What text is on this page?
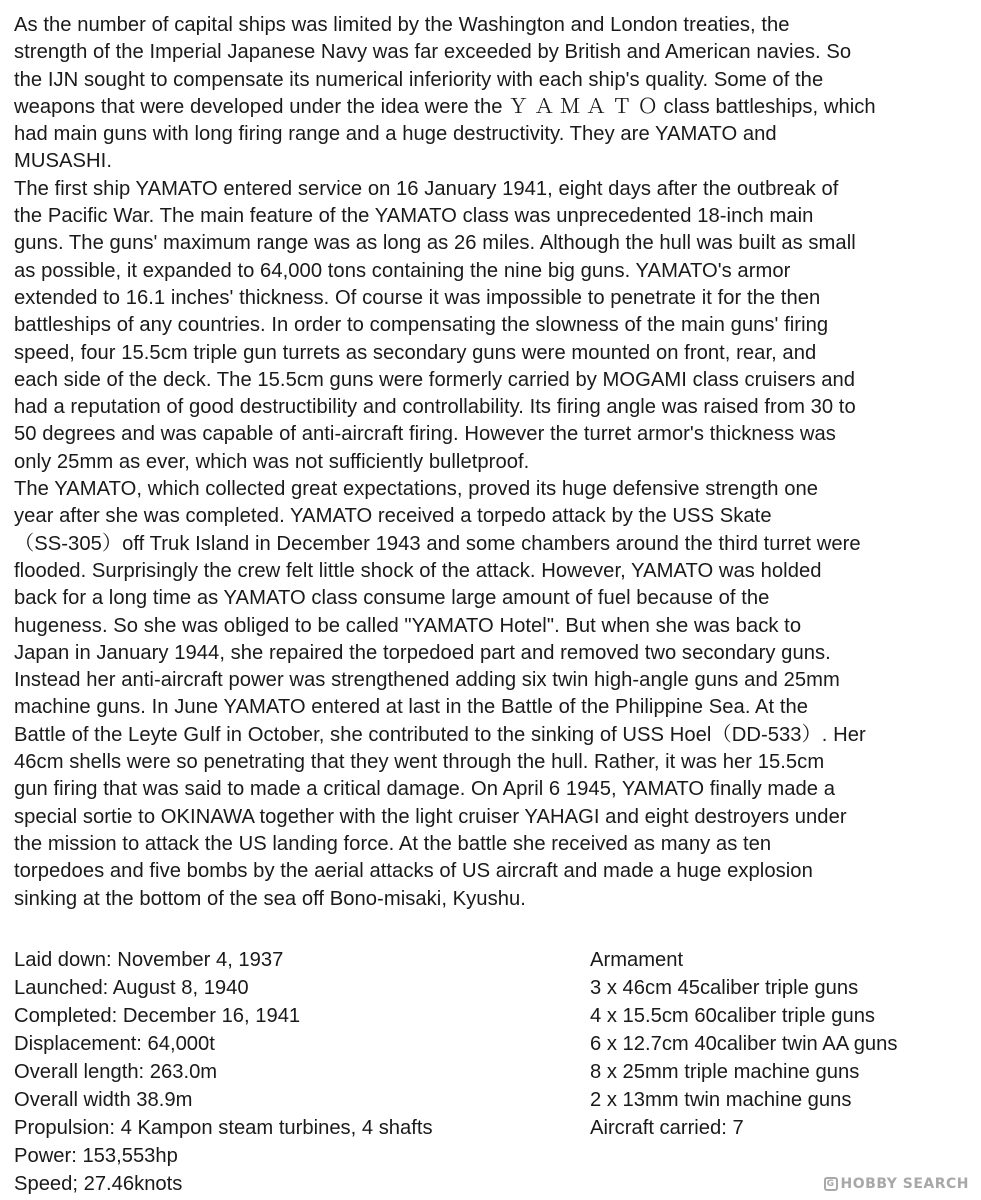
As the number of capital ships was limited by the Washington and London treaties, the
strength of the Imperial Japanese Navy was far exceeded by British and American navies. So
the IJN sought to compensate its numerical inferiority with each ship's quality. Some of the
weapons that were developed under the idea were the Ｙ Ａ Ｍ Ａ Ｔ Ｏ class battleships, which
had main guns with long firing range and a huge destructivity. They are YAMATO and
MUSASHI.
The first ship YAMATO entered service on 16 January 1941, eight days after the outbreak of
the Pacific War. The main feature of the YAMATO class was unprecedented 18-inch main
guns. The guns' maximum range was as long as 26 miles. Although the hull was built as small
as possible, it expanded to 64,000 tons containing the nine big guns. YAMATO's armor
extended to 16.1 inches' thickness. Of course it was impossible to penetrate it for the then
battleships of any countries. In order to compensating the slowness of the main guns' firing
speed, four 15.5cm triple gun turrets as secondary guns were mounted on front, rear, and
each side of the deck. The 15.5cm guns were formerly carried by MOGAMI class cruisers and
had a reputation of good destructibility and controllability. Its firing angle was raised from 30 to
50 degrees and was capable of anti-aircraft firing. However the turret armor's thickness was
only 25mm as ever, which was not sufficiently bulletproof.
The YAMATO, which collected great expectations, proved its huge defensive strength one
year after she was completed. YAMATO received a torpedo attack by the USS Skate
（SS-305）off Truk Island in December 1943 and some chambers around the third turret were
flooded. Surprisingly the crew felt little shock of the attack. However, YAMATO was holded
back for a long time as YAMATO class consume large amount of fuel because of the
hugeness. So she was obliged to be called "YAMATO Hotel". But when she was back to
Japan in January 1944, she repaired the torpedoed part and removed two secondary guns.
Instead her anti-aircraft power was strengthened adding six twin high-angle guns and 25mm
machine guns. In June YAMATO entered at last in the Battle of the Philippine Sea. At the
Battle of the Leyte Gulf in October, she contributed to the sinking of USS Hoel（DD-533）. Her
46cm shells were so penetrating that they went through the hull. Rather, it was her 15.5cm
gun firing that was said to made a critical damage. On April 6 1945, YAMATO finally made a
special sortie to OKINAWA together with the light cruiser YAHAGI and eight destroyers under
the mission to attack the US landing force. At the battle she received as many as ten
torpedoes and five bombs by the aerial attacks of US aircraft and made a huge explosion
sinking at the bottom of the sea off Bono-misaki, Kyushu.
Laid down: November 4, 1937
Launched: August 8, 1940
Completed: December 16, 1941
Displacement: 64,000t
Overall length: 263.0m
Overall width 38.9m
Propulsion: 4 Kampon steam turbines, 4 shafts
Power: 153,553hp
Speed; 27.46knots
Armament
3 x 46cm 45caliber triple guns
4 x 15.5cm 60caliber triple guns
6 x 12.7cm 40caliber twin AA guns
8 x 25mm triple machine guns
2 x 13mm twin machine guns
Aircraft carried: 7
G HOBBY SEARCH
